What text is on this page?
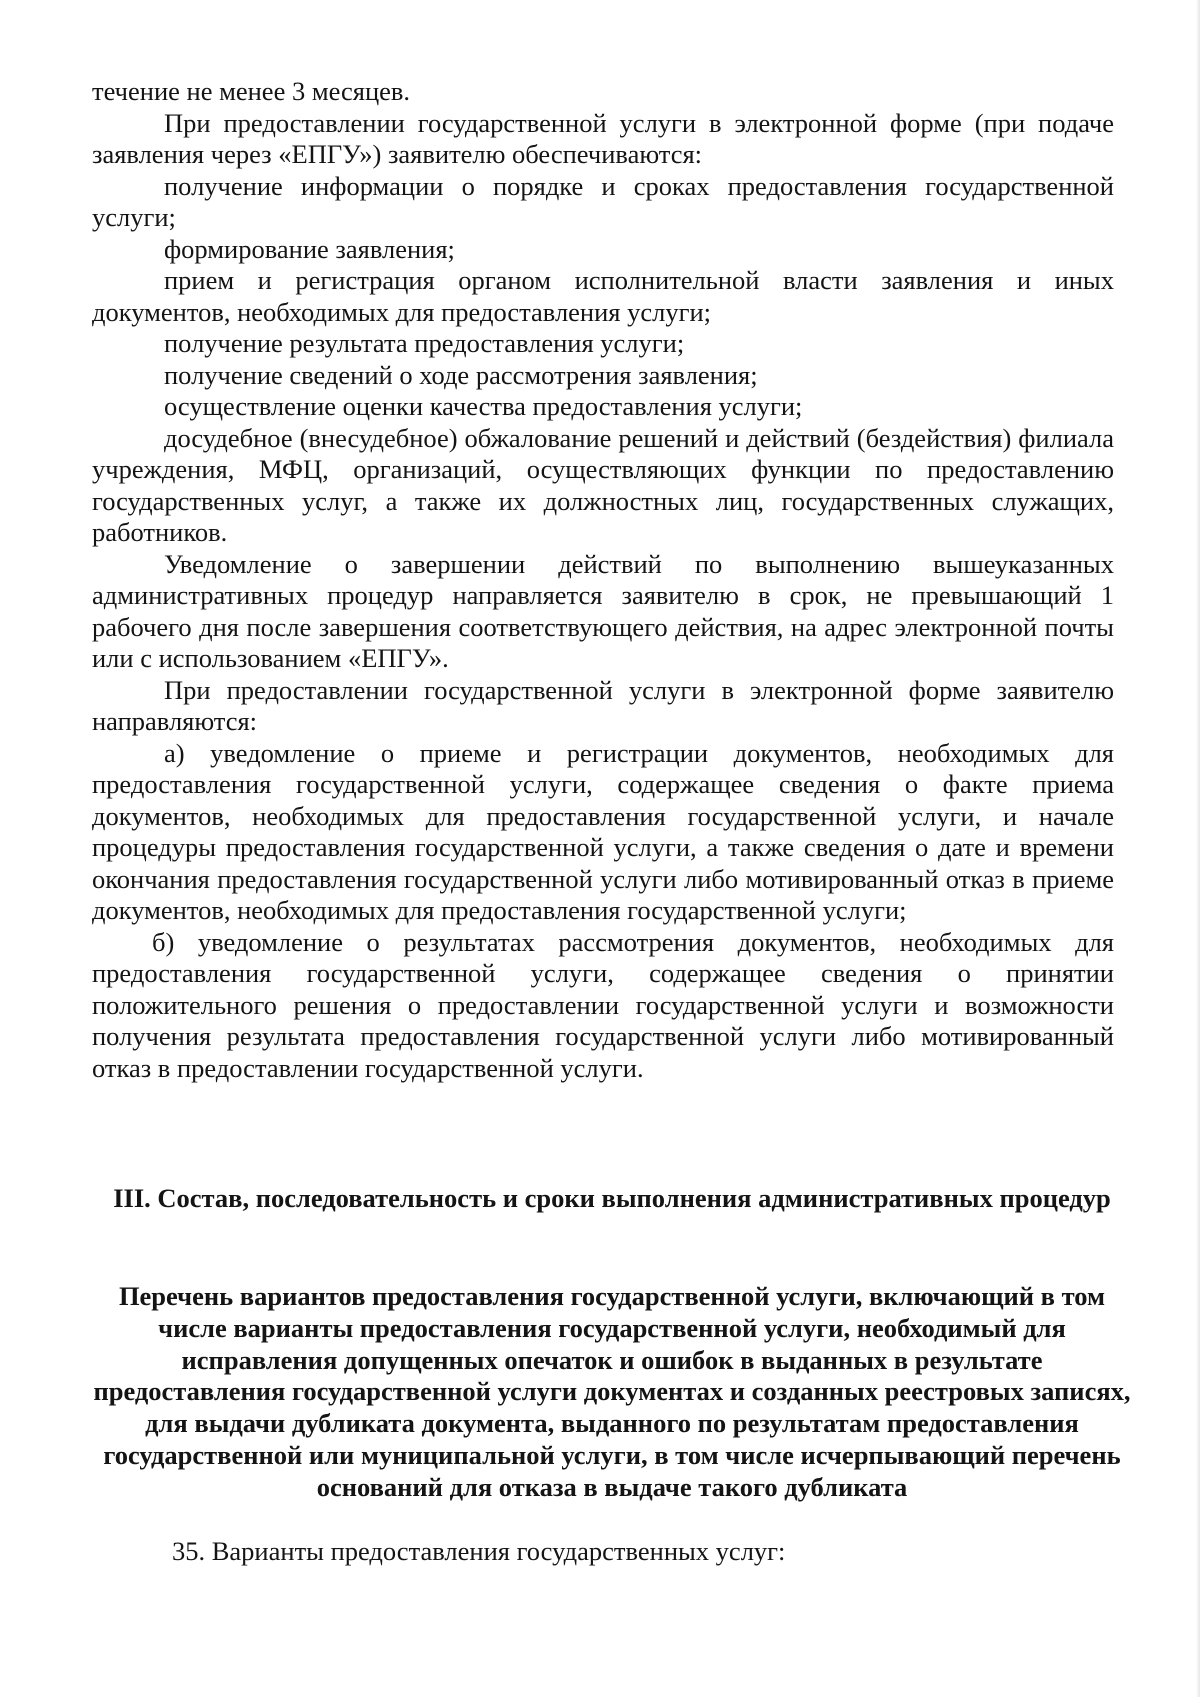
течение не менее 3 месяцев.

При предоставлении государственной услуги в электронной форме (при подаче заявления через «ЕПГУ») заявителю обеспечиваются:

получение информации о порядке и сроках предоставления государственной услуги;

формирование заявления;

прием и регистрация органом исполнительной власти заявления и иных документов, необходимых для предоставления услуги;

получение результата предоставления услуги;

получение сведений о ходе рассмотрения заявления;

осуществление оценки качества предоставления услуги;

досудебное (внесудебное) обжалование решений и действий (бездействия) филиала учреждения, МФЦ, организаций, осуществляющих функции по предоставлению государственных услуг, а также их должностных лиц, государственных служащих, работников.

Уведомление о завершении действий по выполнению вышеуказанных административных процедур направляется заявителю в срок, не превышающий 1 рабочего дня после завершения соответствующего действия, на адрес электронной почты или с использованием «ЕПГУ».

При предоставлении государственной услуги в электронной форме заявителю направляются:

а) уведомление о приеме и регистрации документов, необходимых для предоставления государственной услуги, содержащее сведения о факте приема документов, необходимых для предоставления государственной услуги, и начале процедуры предоставления государственной услуги, а также сведения о дате и времени окончания предоставления государственной услуги либо мотивированный отказ в приеме документов, необходимых для предоставления государственной услуги;

б) уведомление о результатах рассмотрения документов, необходимых для предоставления государственной услуги, содержащее сведения о принятии положительного решения о предоставлении государственной услуги и возможности получения результата предоставления государственной услуги либо мотивированный отказ в предоставлении государственной услуги.

III. Состав, последовательность и сроки выполнения административных процедур
Перечень вариантов предоставления государственной услуги, включающий в том числе варианты предоставления государственной услуги, необходимый для исправления допущенных опечаток и ошибок в выданных в результате предоставления государственной услуги документах и созданных реестровых записях, для выдачи дубликата документа, выданного по результатам предоставления государственной или муниципальной услуги, в том числе исчерпывающий перечень оснований для отказа в выдаче такого дубликата

35. Варианты предоставления государственных услуг:
